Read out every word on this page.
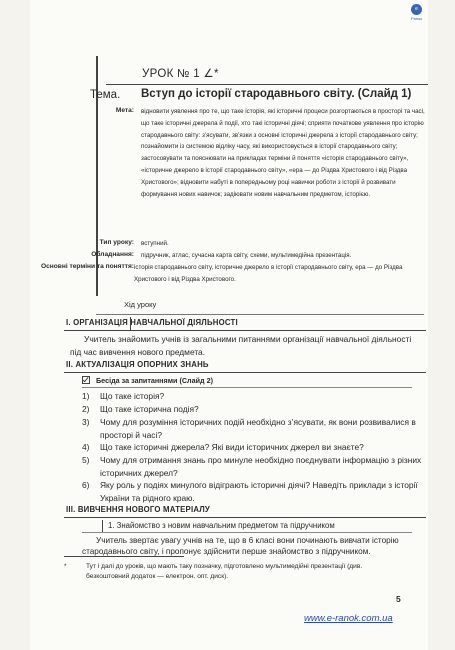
e
Ранок
УРОК № 1 ∠*
Тема. Вступ до історії стародавнього світу. (Слайд 1)
Мета: відновити уявлення про те, що таке історія, які історичні процеси розгортаються в просторі та часі, що таке історичні джерела й події, хто такі історичні діячі; сприяти початкове уявлення про історію стародавнього світу: з’ясувати, зв’язки з основні історичні джерела з історії стародавнього світу; познайомити із системою відліку часу, які використовується в історії стародавнього світу; застосовувати та пояснювати на прикладах терміни й поняття «історія стародавнього світу», «історичне джерело в історії стародавнього світу», «ера — до Різдва Христового і від Різдва Христового»; відновити набуті в попередньому році навички роботи з історії й розвивати формування нових навичок; задіювати новим навчальним предметом, історією.
Тип уроку: вступний.
Обладнання: підручник, атлас, сучасна карта світу, схеми, мультимедійна презентація.
Основні терміни та поняття: історія стародавнього світу, історичне джерело в історії стародавнього світу, ера — до Різдва Христового і від Різдва Христового.
Хід уроку
I. ОРГАНІЗАЦІЯ НАВЧАЛЬНОЇ ДІЯЛЬНОСТІ
Учитель знайомить учнів із загальними питаннями організації навчальної діяльності під час вивчення нового предмета.
II. АКТУАЛІЗАЦІЯ ОПОРНИХ ЗНАНЬ
Бесіда за запитаннями (Слайд 2)
1) Що таке історія?
2) Що таке історична подія?
3) Чому для розуміння історичних подій необхідно з’ясувати, як вони розвивалися в просторі й часі?
4) Що таке історичні джерела? Які види історичних джерел ви знаєте?
5) Чому для отримання знань про минуле необхідно поєднувати інформацію з різних історичних джерел?
6) Яку роль у подіях минулого відіграють історичні діячі? Наведіть приклади з історії України та рідного краю.
III. ВИВЧЕННЯ НОВОГО МАТЕРІАЛУ
1. Знайомство з новим навчальним предметом та підручником
Учитель звертає увагу учнів на те, що в 6 класі вони починають вивчати історію стародавнього світу, і пропонує здійснити перше знайомство з підручником.
*	Тут і далі до уроків, що мають таку позначку, підготовлено мультимедійні презентації (див. безкоштовний додаток — електрон. опт. диск).
5
www.e-ranok.com.ua
